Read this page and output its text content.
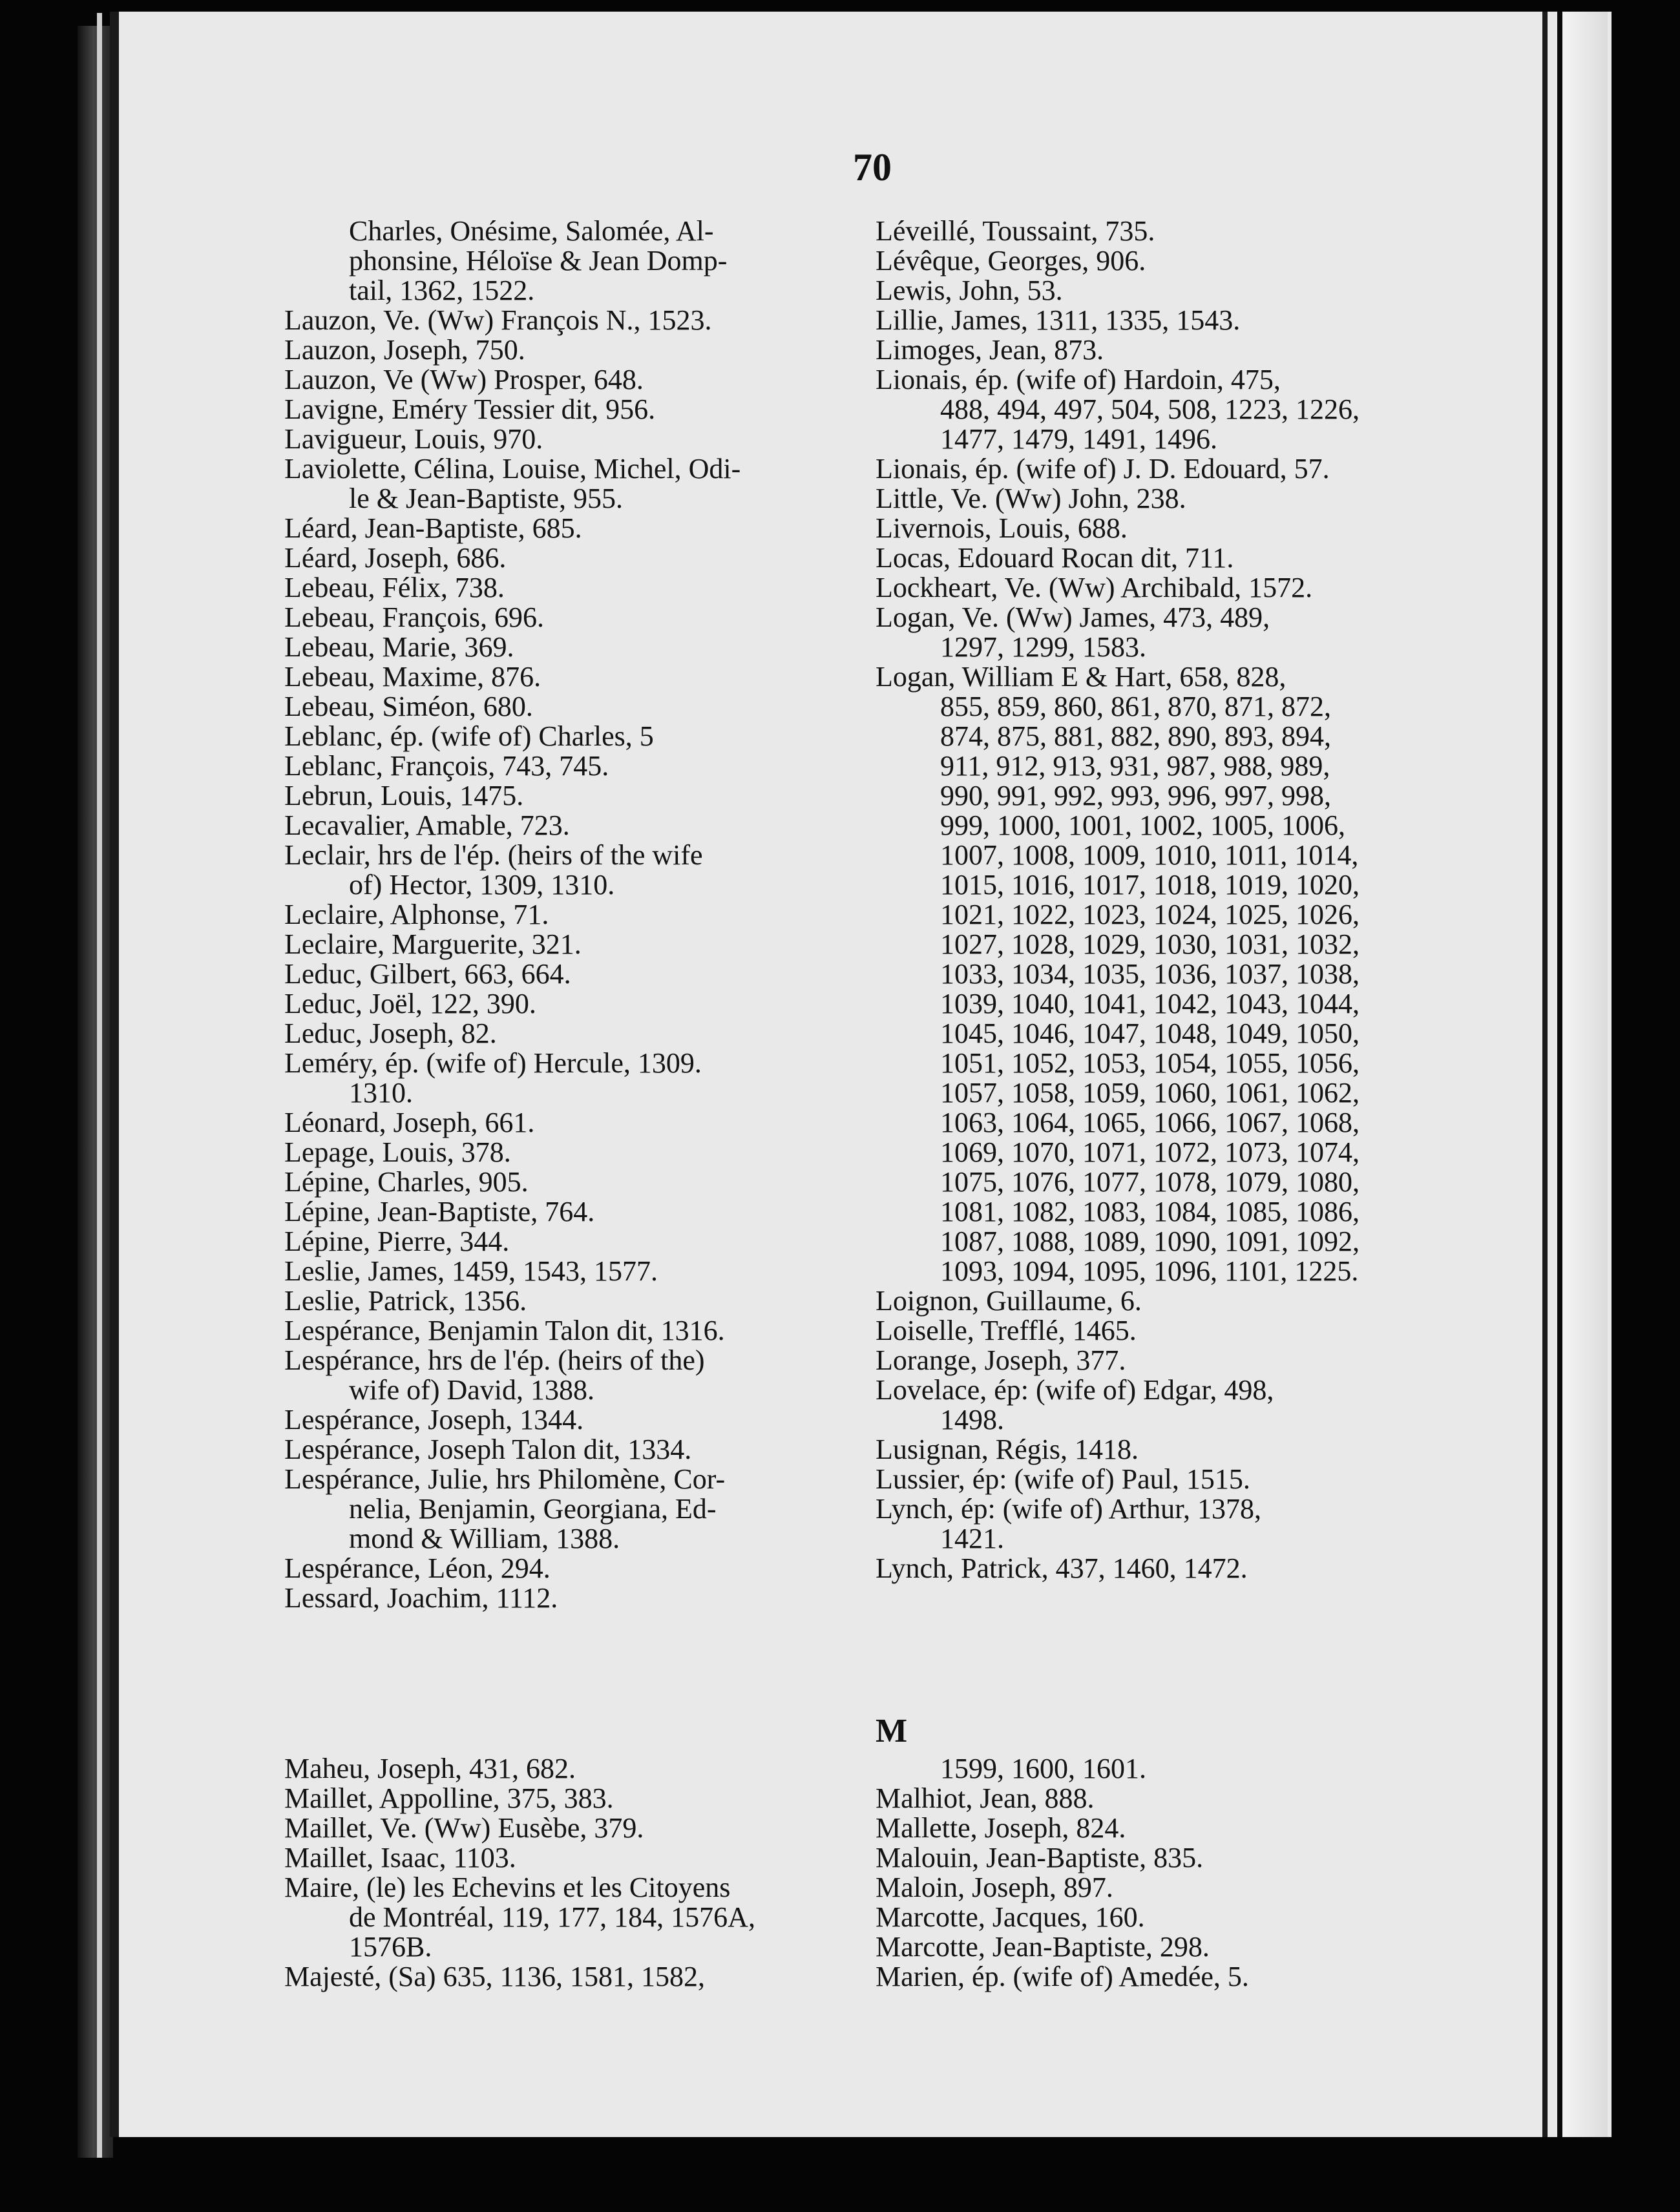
70
Charles, Onésime, Salomée, Al-
phonsine, Héloïse & Jean Domp-
tail, 1362, 1522.
Lauzon, Ve. (Ww) François N., 1523.
Lauzon, Joseph, 750.
Lauzon, Ve (Ww) Prosper, 648.
Lavigne, Eméry Tessier dit, 956.
Lavigueur, Louis, 970.
Laviolette, Célina, Louise, Michel, Odi-
le & Jean-Baptiste, 955.
Léard, Jean-Baptiste, 685.
Léard, Joseph, 686.
Lebeau, Félix, 738.
Lebeau, François, 696.
Lebeau, Marie, 369.
Lebeau, Maxime, 876.
Lebeau, Siméon, 680.
Leblanc, ép. (wife of) Charles, 5
Leblanc, François, 743, 745.
Lebrun, Louis, 1475.
Lecavalier, Amable, 723.
Leclair, hrs de l'ép. (heirs of the wife
of) Hector, 1309, 1310.
Leclaire, Alphonse, 71.
Leclaire, Marguerite, 321.
Leduc, Gilbert, 663, 664.
Leduc, Joël, 122, 390.
Leduc, Joseph, 82.
Leméry, ép. (wife of) Hercule, 1309.
1310.
Léonard, Joseph, 661.
Lepage, Louis, 378.
Lépine, Charles, 905.
Lépine, Jean-Baptiste, 764.
Lépine, Pierre, 344.
Leslie, James, 1459, 1543, 1577.
Leslie, Patrick, 1356.
Lespérance, Benjamin Talon dit, 1316.
Lespérance, hrs de l'ép. (heirs of the)
wife of) David, 1388.
Lespérance, Joseph, 1344.
Lespérance, Joseph Talon dit, 1334.
Lespérance, Julie, hrs Philomène, Cor-
nelia, Benjamin, Georgiana, Ed-
mond & William, 1388.
Lespérance, Léon, 294.
Lessard, Joachim, 1112.
Léveillé, Toussaint, 735.
Lévêque, Georges, 906.
Lewis, John, 53.
Lillie, James, 1311, 1335, 1543.
Limoges, Jean, 873.
Lionais, ép. (wife of) Hardoin, 475,
488, 494, 497, 504, 508, 1223, 1226,
1477, 1479, 1491, 1496.
Lionais, ép. (wife of) J. D. Edouard, 57.
Little, Ve. (Ww) John, 238.
Livernois, Louis, 688.
Locas, Edouard Rocan dit, 711.
Lockheart, Ve. (Ww) Archibald, 1572.
Logan, Ve. (Ww) James, 473, 489,
1297, 1299, 1583.
Logan, William E & Hart, 658, 828,
855, 859, 860, 861, 870, 871, 872,
874, 875, 881, 882, 890, 893, 894,
911, 912, 913, 931, 987, 988, 989,
990, 991, 992, 993, 996, 997, 998,
999, 1000, 1001, 1002, 1005, 1006,
1007, 1008, 1009, 1010, 1011, 1014,
1015, 1016, 1017, 1018, 1019, 1020,
1021, 1022, 1023, 1024, 1025, 1026,
1027, 1028, 1029, 1030, 1031, 1032,
1033, 1034, 1035, 1036, 1037, 1038,
1039, 1040, 1041, 1042, 1043, 1044,
1045, 1046, 1047, 1048, 1049, 1050,
1051, 1052, 1053, 1054, 1055, 1056,
1057, 1058, 1059, 1060, 1061, 1062,
1063, 1064, 1065, 1066, 1067, 1068,
1069, 1070, 1071, 1072, 1073, 1074,
1075, 1076, 1077, 1078, 1079, 1080,
1081, 1082, 1083, 1084, 1085, 1086,
1087, 1088, 1089, 1090, 1091, 1092,
1093, 1094, 1095, 1096, 1101, 1225.
Loignon, Guillaume, 6.
Loiselle, Trefflé, 1465.
Lorange, Joseph, 377.
Lovelace, ép: (wife of) Edgar, 498,
1498.
Lusignan, Régis, 1418.
Lussier, ép: (wife of) Paul, 1515.
Lynch, ép: (wife of) Arthur, 1378,
1421.
Lynch, Patrick, 437, 1460, 1472.
M
Maheu, Joseph, 431, 682.
Maillet, Appolline, 375, 383.
Maillet, Ve. (Ww) Eusèbe, 379.
Maillet, Isaac, 1103.
Maire, (le) les Echevins et les Citoyens
de Montréal, 119, 177, 184, 1576A,
1576B.
Majesté, (Sa) 635, 1136, 1581, 1582,
1599, 1600, 1601.
Malhiot, Jean, 888.
Mallette, Joseph, 824.
Malouin, Jean-Baptiste, 835.
Maloin, Joseph, 897.
Marcotte, Jacques, 160.
Marcotte, Jean-Baptiste, 298.
Marien, ép. (wife of) Amedée, 5.
